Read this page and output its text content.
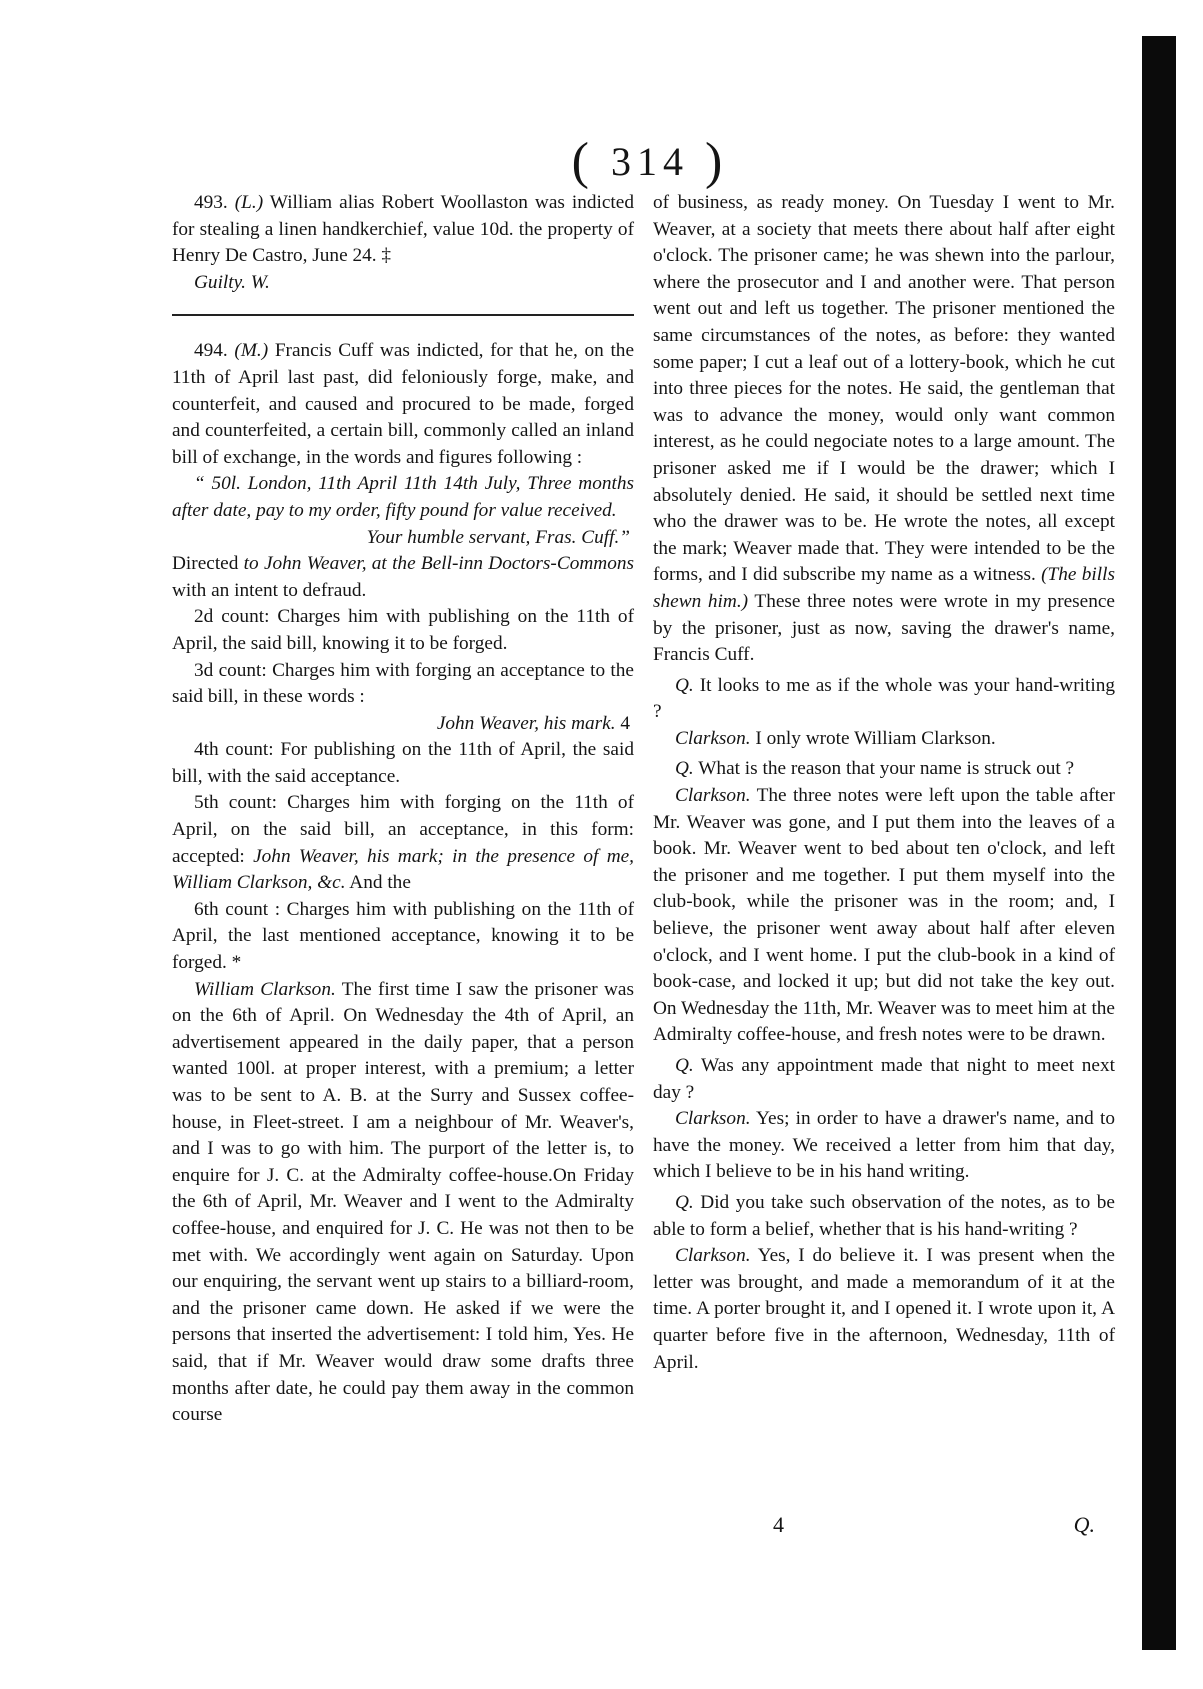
( 314 )

493. (L.) William alias Robert Woollaston was indicted for stealing a linen handkerchief, value 10d. the property of Henry De Castro, June 24. ‡

Guilty. W.

494. (M.) Francis Cuff was indicted, for that he, on the 11th of April last past, did feloniously forge, make, and counterfeit, and caused and procured to be made, forged and counterfeited, a certain bill, commonly called an inland bill of exchange, in the words and figures following :

“ 50l. London, 11th April 11th 14th July, Three months after date, pay to my order, fifty pound for value received.

Your humble servant, Fras. Cuff.”

Directed to John Weaver, at the Bell-inn Doctors-Commons with an intent to defraud.

2d count: Charges him with publishing on the 11th of April, the said bill, knowing it to be forged.

3d count: Charges him with forging an acceptance to the said bill, in these words :

John Weaver, his mark. 4

4th count: For publishing on the 11th of April, the said bill, with the said acceptance.

5th count: Charges him with forging on the 11th of April, on the said bill, an acceptance, in this form: accepted: John Weaver, his mark; in the presence of me, William Clarkson, &c. And the

6th count : Charges him with publishing on the 11th of April, the last mentioned acceptance, knowing it to be forged. *

William Clarkson. The first time I saw the prisoner was on the 6th of April. On Wednesday the 4th of April, an advertisement appeared in the daily paper, that a person wanted 100l. at proper interest, with a premium; a letter was to be sent to A. B. at the Surry and Sussex coffee-house, in Fleet-street. I am a neighbour of Mr. Weaver's, and I was to go with him. The purport of the letter is, to enquire for J. C. at the Admiralty coffee-house.On Friday the 6th of April, Mr. Weaver and I went to the Admiralty coffee-house, and enquired for J. C. He was not then to be met with. We accordingly went again on Saturday. Upon our enquiring, the servant went up stairs to a billiard-room, and the prisoner came down. He asked if we were the persons that inserted the advertisement: I told him, Yes. He said, that if Mr. Weaver would draw some drafts three months after date, he could pay them away in the common course

of business, as ready money. On Tuesday I went to Mr. Weaver, at a society that meets there about half after eight o'clock. The prisoner came; he was shewn into the parlour, where the prosecutor and I and another were. That person went out and left us together. The prisoner mentioned the same circumstances of the notes, as before: they wanted some paper; I cut a leaf out of a lottery-book, which he cut into three pieces for the notes. He said, the gentleman that was to advance the money, would only want common interest, as he could negociate notes to a large amount. The prisoner asked me if I would be the drawer; which I absolutely denied. He said, it should be settled next time who the drawer was to be. He wrote the notes, all except the mark; Weaver made that. They were intended to be the forms, and I did subscribe my name as a witness. (The bills shewn him.) These three notes were wrote in my presence by the prisoner, just as now, saving the drawer's name, Francis Cuff.

Q. It looks to me as if the whole was your hand-writing ?

Clarkson. I only wrote William Clarkson.

Q. What is the reason that your name is struck out ?

Clarkson. The three notes were left upon the table after Mr. Weaver was gone, and I put them into the leaves of a book. Mr. Weaver went to bed about ten o'clock, and left the prisoner and me together. I put them myself into the club-book, while the prisoner was in the room; and, I believe, the prisoner went away about half after eleven o'clock, and I went home. I put the club-book in a kind of book-case, and locked it up; but did not take the key out. On Wednesday the 11th, Mr. Weaver was to meet him at the Admiralty coffee-house, and fresh notes were to be drawn.

Q. Was any appointment made that night to meet next day ?

Clarkson. Yes; in order to have a drawer's name, and to have the money. We received a letter from him that day, which I believe to be in his hand writing.

Q. Did you take such observation of the notes, as to be able to form a belief, whether that is his hand-writing ?

Clarkson. Yes, I do believe it. I was present when the letter was brought, and made a memorandum of it at the time. A porter brought it, and I opened it. I wrote upon it, A quarter before five in the afternoon, Wednesday, 11th of April.

4	Q.
